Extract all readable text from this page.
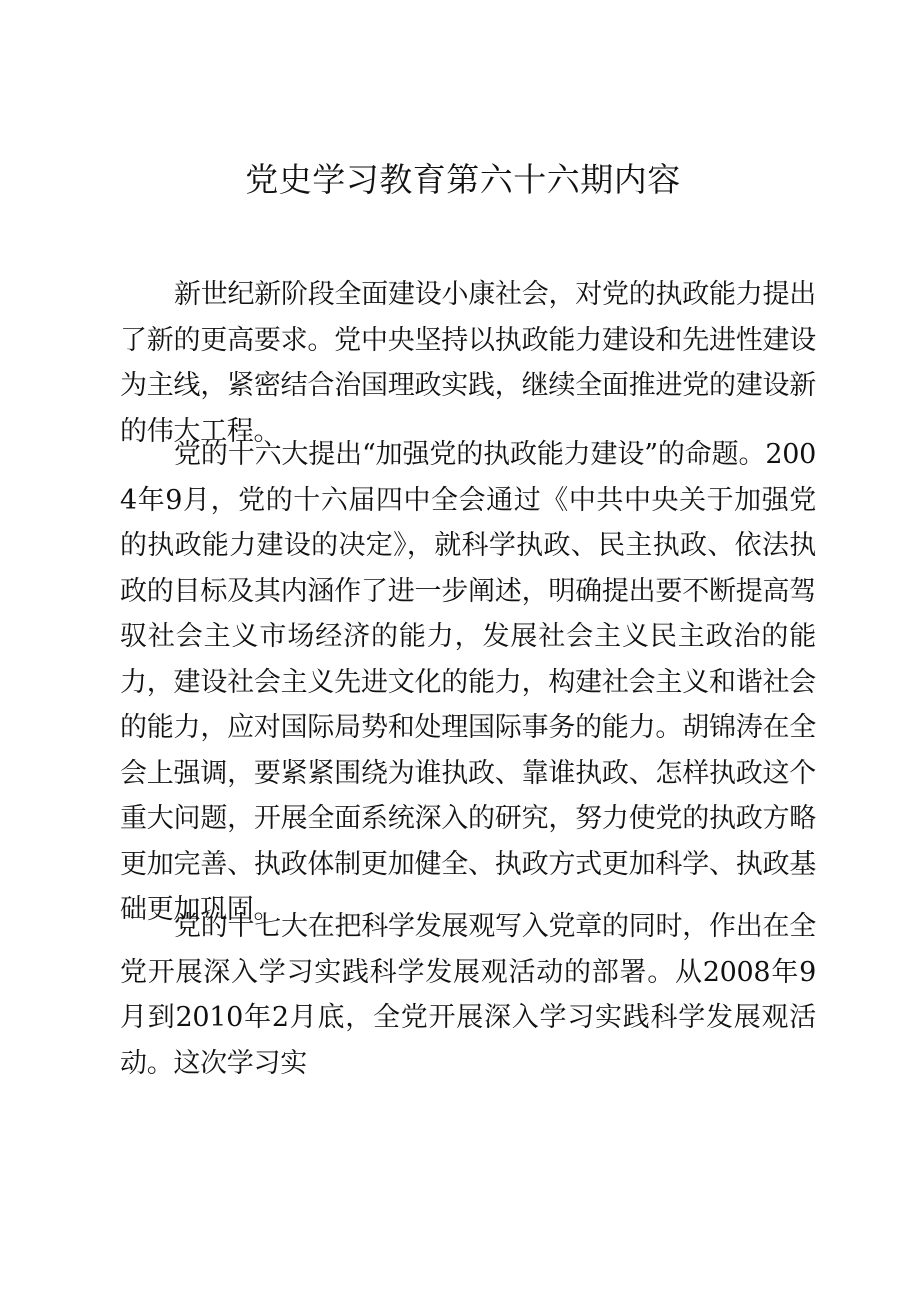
党史学习教育第六十六期内容

新世纪新阶段全面建设小康社会，对党的执政能力提出了新的更高要求。党中央坚持以执政能力建设和先进性建设为主线，紧密结合治国理政实践，继续全面推进党的建设新的伟大工程。

党的十六大提出“加强党的执政能力建设”的命题。2004年9月，党的十六届四中全会通过《中共中央关于加强党的执政能力建设的决定》，就科学执政、民主执政、依法执政的目标及其内涵作了进一步阐述，明确提出要不断提高驾驭社会主义市场经济的能力，发展社会主义民主政治的能力，建设社会主义先进文化的能力，构建社会主义和谐社会的能力，应对国际局势和处理国际事务的能力。胡锦涛在全会上强调，要紧紧围绕为谁执政、靠谁执政、怎样执政这个重大问题，开展全面系统深入的研究，努力使党的执政方略更加完善、执政体制更加健全、执政方式更加科学、执政基础更加巩固。

党的十七大在把科学发展观写入党章的同时，作出在全党开展深入学习实践科学发展观活动的部署。从2008年9月到2010年2月底，全党开展深入学习实践科学发展观活动。这次学习实
